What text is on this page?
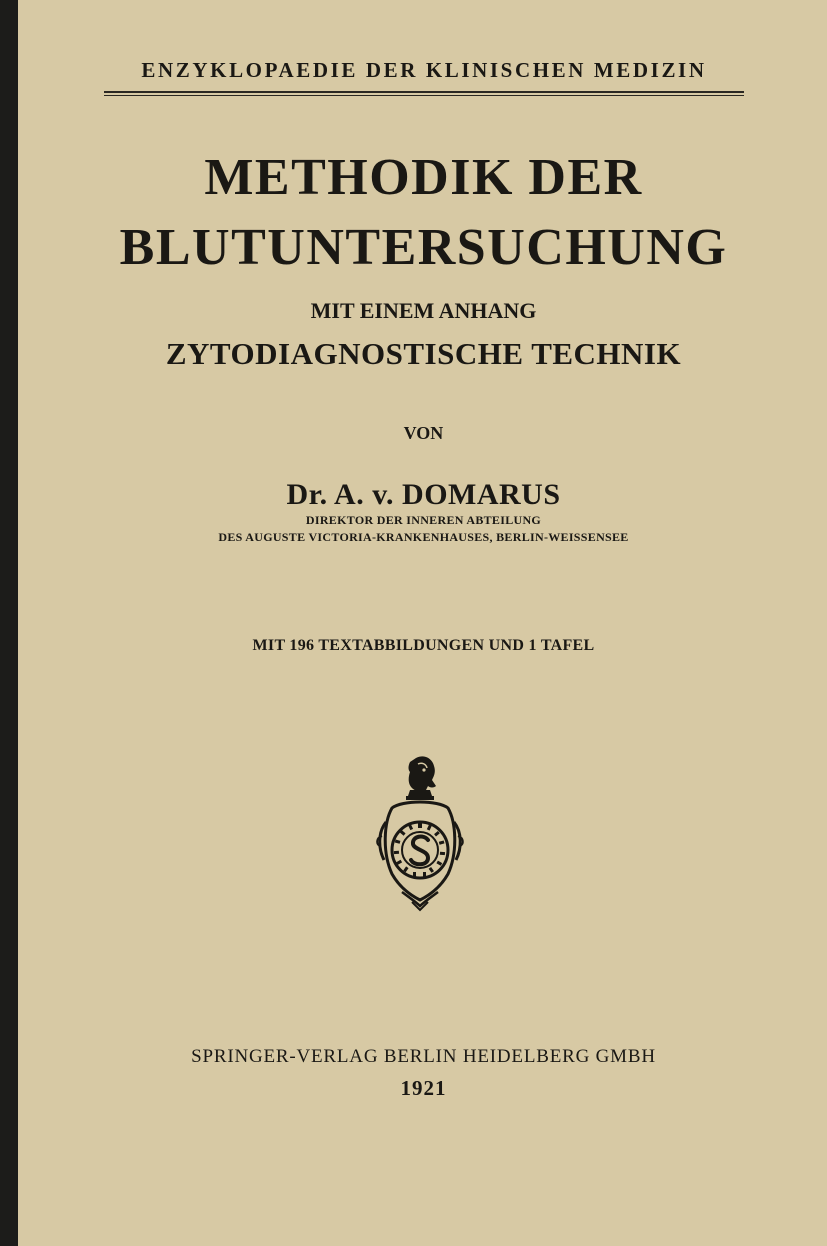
ENZYKLOPAEDIE DER KLINISCHEN MEDIZIN
METHODIK DER
BLUTUNTERSUCHUNG
MIT EINEM ANHANG
ZYTODIAGNOSTISCHE TECHNIK
VON
Dr. A. v. DOMARUS
DIREKTOR DER INNEREN ABTEILUNG
DES AUGUSTE VICTORIA-KRANKENHAUSES, BERLIN-WEISSENSEE
MIT 196 TEXTABBILDUNGEN UND 1 TAFEL
SPRINGER-VERLAG BERLIN HEIDELBERG GMBH
1921
